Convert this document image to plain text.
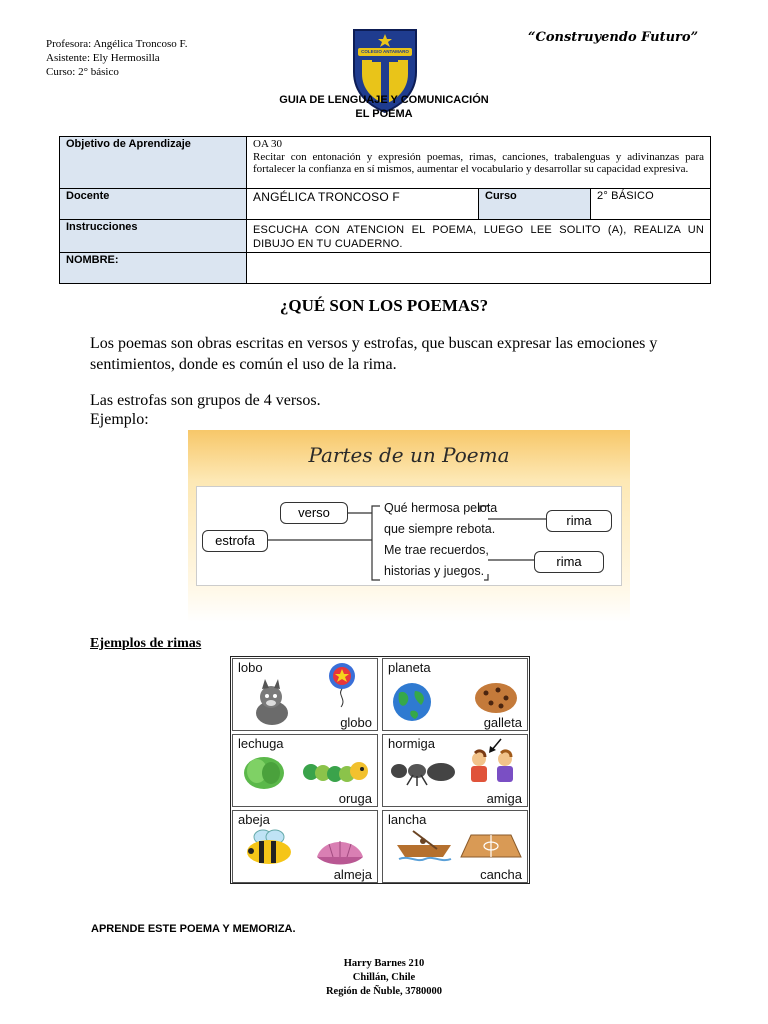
Profesora: Angélica Troncoso F.
Asistente: Ely Hermosilla
Curso: 2° básico
COLEGIO ANTAMARO
“Construyendo Futuro”
GUIA DE LENGUAJE Y COMUNICACIÓN
EL POEMA
Objetivo de Aprendizaje	OA 30
Recitar con entonación y expresión poemas, rimas, canciones, trabalenguas y adivinanzas para fortalecer la confianza en sí mismos, aumentar el vocabulario y desarrollar su capacidad expresiva.		

Docente	ANGÉLICA TRONCOSO F	Curso	2° BÁSICO
Instrucciones	ESCUCHA CON ATENCION EL POEMA, LUEGO LEE SOLITO (A), REALIZA UN DIBUJO EN TU CUADERNO.		
NOMBRE:			
¿QUÉ SON LOS POEMAS?
Los poemas son obras escritas en versos y estrofas, que buscan expresar las emociones y sentimientos, donde es común el uso de la rima.
Las estrofas son grupos de 4 versos.
Ejemplo:
Partes de un Poema
verso
estrofa
rima
rima
Qué hermosa pelota
que siempre rebota.
Me trae recuerdos,
historias y juegos.
Ejemplos de rimas
lobo
globo
planeta
galleta
lechuga
oruga
hormiga
amiga
abeja
almeja
lancha
cancha
APRENDE ESTE POEMA Y MEMORIZA.
Harry Barnes 210
Chillán, Chile
Región de Ñuble, 3780000
